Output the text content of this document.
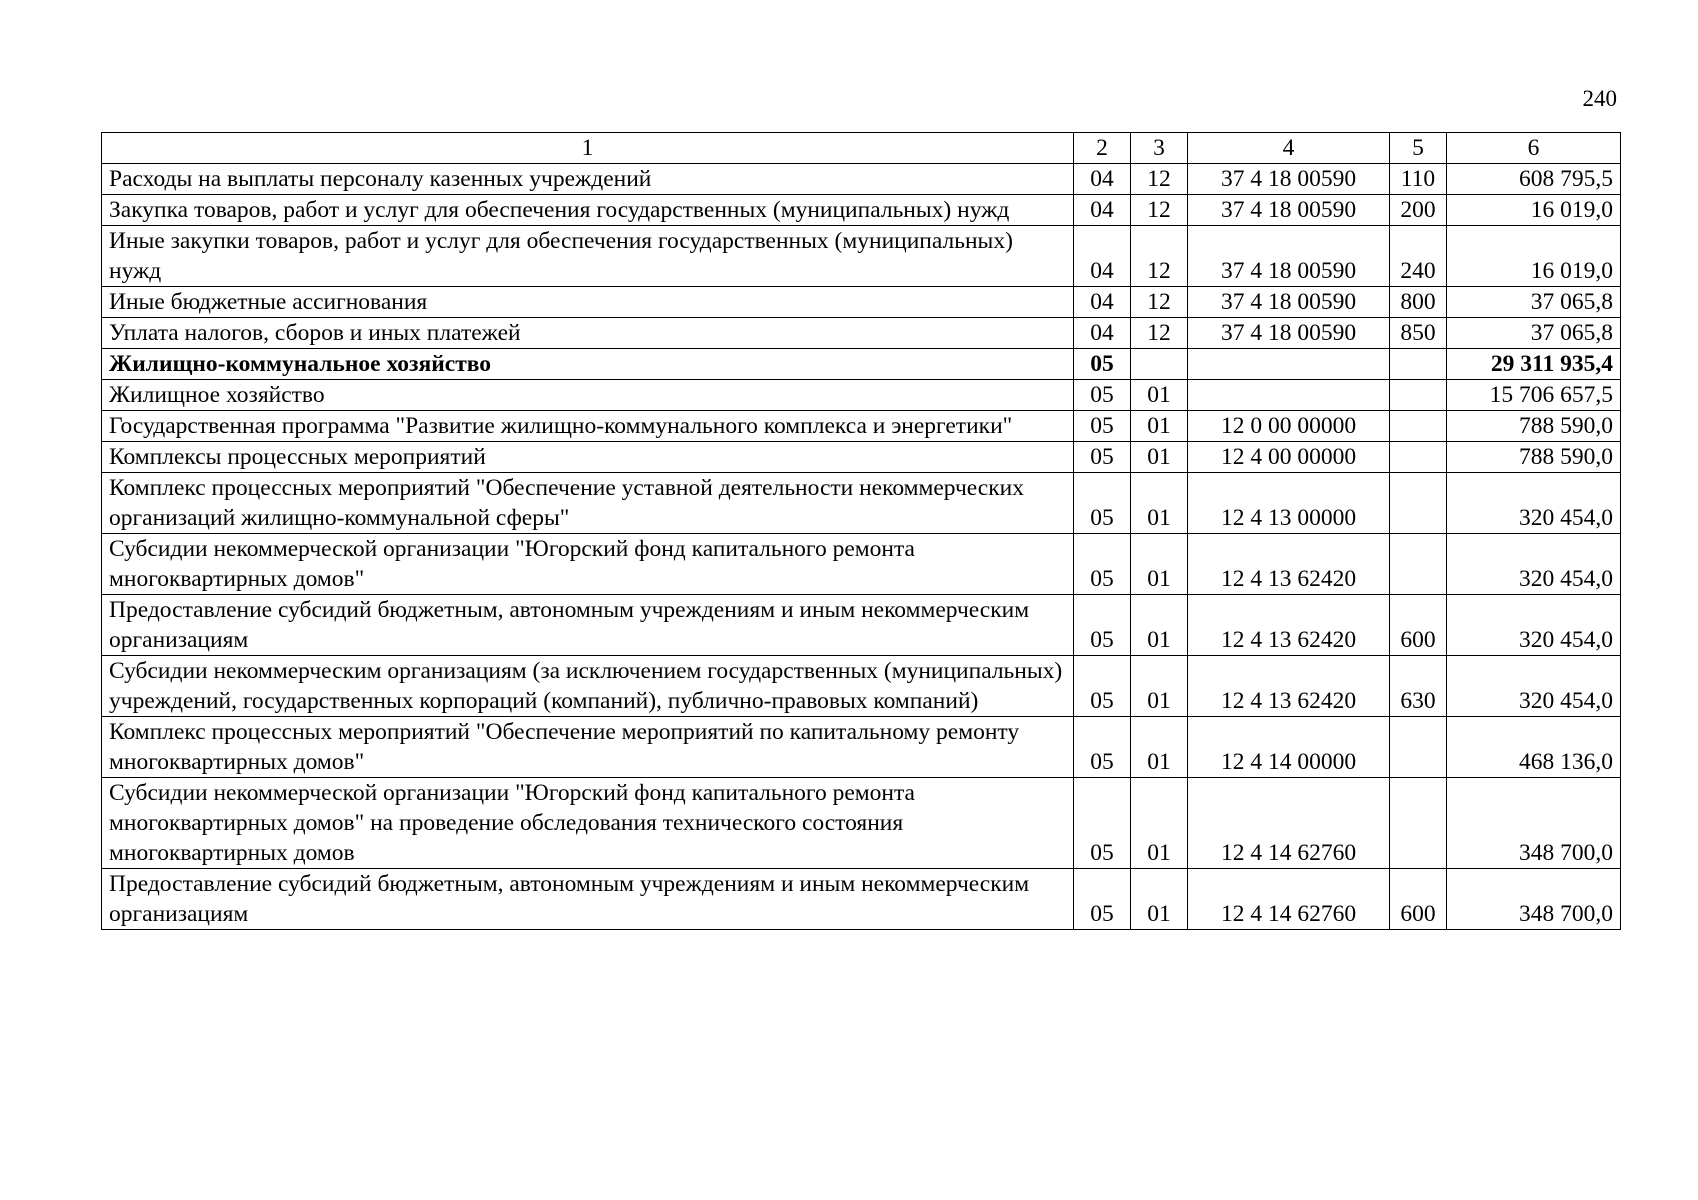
240
1	2	3	4	5	6
Расходы на выплаты персоналу казенных учреждений	04	12	37 4 18 00590	110	608 795,5
Закупка товаров, работ и услуг для обеспечения государственных (муниципальных) нужд	04	12	37 4 18 00590	200	16 019,0
Иные закупки товаров, работ и услуг для обеспечения государственных (муниципальных) нужд	04	12	37 4 18 00590	240	16 019,0
Иные бюджетные ассигнования	04	12	37 4 18 00590	800	37 065,8
Уплата налогов, сборов и иных платежей	04	12	37 4 18 00590	850	37 065,8
Жилищно-коммунальное хозяйство	05				29 311 935,4
Жилищное хозяйство	05	01			15 706 657,5
Государственная программа "Развитие жилищно-коммунального комплекса и энергетики"	05	01	12 0 00 00000		788 590,0
Комплексы процессных мероприятий	05	01	12 4 00 00000		788 590,0
Комплекс процессных мероприятий "Обеспечение уставной деятельности некоммерческих организаций жилищно-коммунальной сферы"	05	01	12 4 13 00000		320 454,0
Субсидии некоммерческой организации "Югорский фонд капитального ремонта многоквартирных домов"	05	01	12 4 13 62420		320 454,0
Предоставление субсидий бюджетным, автономным учреждениям и иным некоммерческим организациям	05	01	12 4 13 62420	600	320 454,0
Субсидии некоммерческим организациям (за исключением государственных (муниципальных) учреждений, государственных корпораций (компаний), публично-правовых компаний)	05	01	12 4 13 62420	630	320 454,0
Комплекс процессных мероприятий "Обеспечение мероприятий по капитальному ремонту многоквартирных домов"	05	01	12 4 14 00000		468 136,0
Субсидии некоммерческой организации "Югорский фонд капитального ремонта многоквартирных домов" на проведение обследования технического состояния многоквартирных домов	05	01	12 4 14 62760		348 700,0
Предоставление субсидий бюджетным, автономным учреждениям и иным некоммерческим организациям	05	01	12 4 14 62760	600	348 700,0
